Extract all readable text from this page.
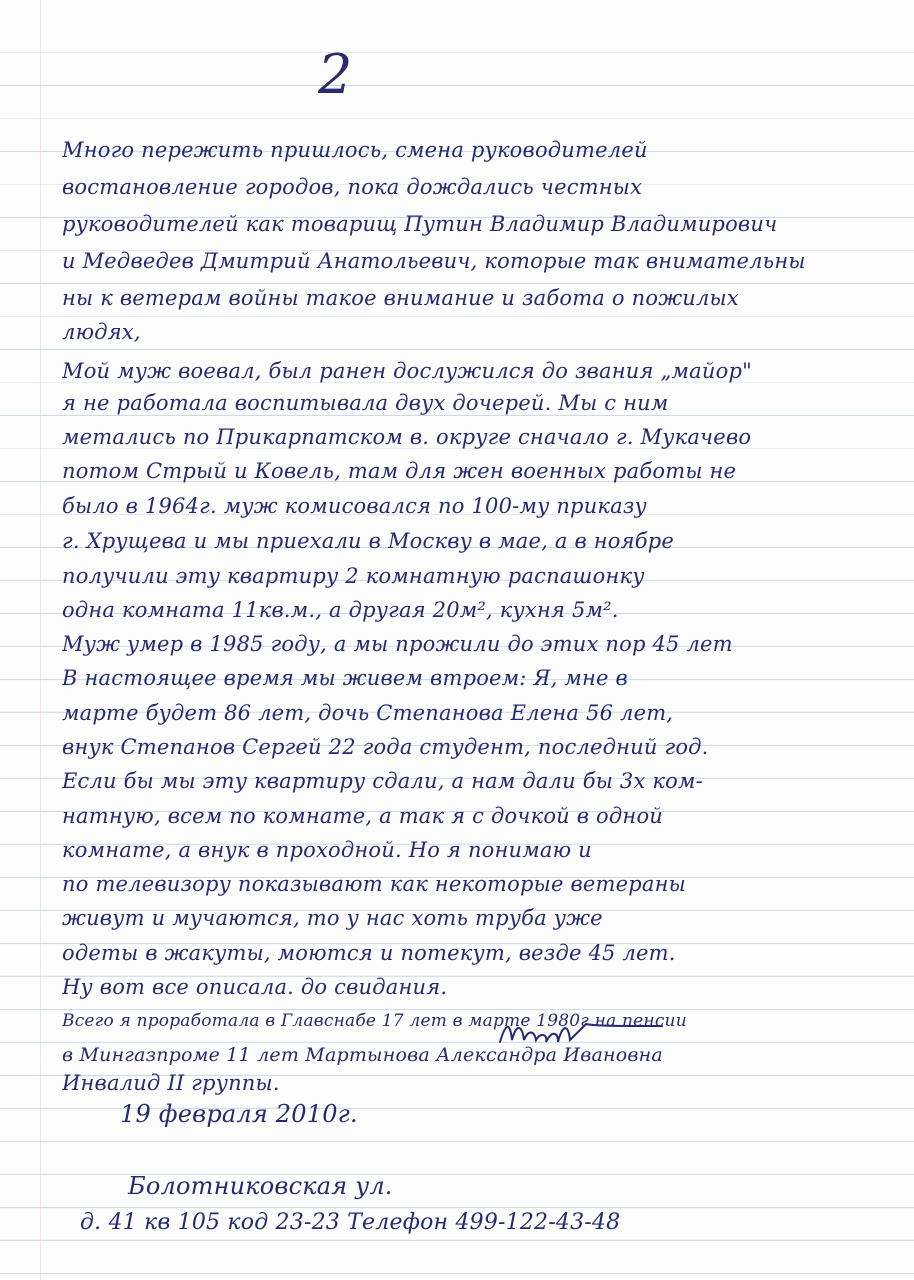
2
Много пережить пришлось, смена руководителей
востановление городов, пока дождались честных
руководителей как товарищ Путин Владимир Владимирович
и Медведев Дмитрий Анатольевич, которые так внимательны
ны к ветерам войны такое внимание и забота о пожилых
людях,
Мой муж воевал, был ранен дослужился до звания „майор"
я не работала воспитывала двух дочерей. Мы с ним
метались по Прикарпатском в. округе сначало г. Мукачево
потом Стрый и Ковель, там для жен военных работы не
было в 1964г. муж комисовался по 100-му приказу
г. Хрущева и мы приехали в Москву в мае, а в ноябре
получили эту квартиру 2 комнатную распашонку
одна комната 11кв.м., а другая 20м², кухня 5м².
Муж умер в 1985 году, а мы прожили до этих пор 45 лет
В настоящее время мы живем втроем: Я, мне в
марте будет 86 лет, дочь Степанова Елена 56 лет,
внук Степанов Сергей 22 года студент, последний год.
Если бы мы эту квартиру сдали, а нам дали бы 3х ком-
натную, всем по комнате, а так я с дочкой в одной
комнате, а внук в проходной. Но я понимаю и
по телевизору показывают как некоторые ветераны
живут и мучаются, то у нас хоть труба уже
одеты в жакуты, моются и потекут, везде 45 лет.
Ну вот все описала. до свидания.
Всего я проработала в Главснабе 17 лет в марте 1980г на пенсии
в Мингазпроме 11 лет Мартынова Александра Ивановна
Инвалид II группы.
19 февраля 2010г.
Болотниковская ул.
д. 41 кв 105 код 23-23 Телефон 499-122-43-48
